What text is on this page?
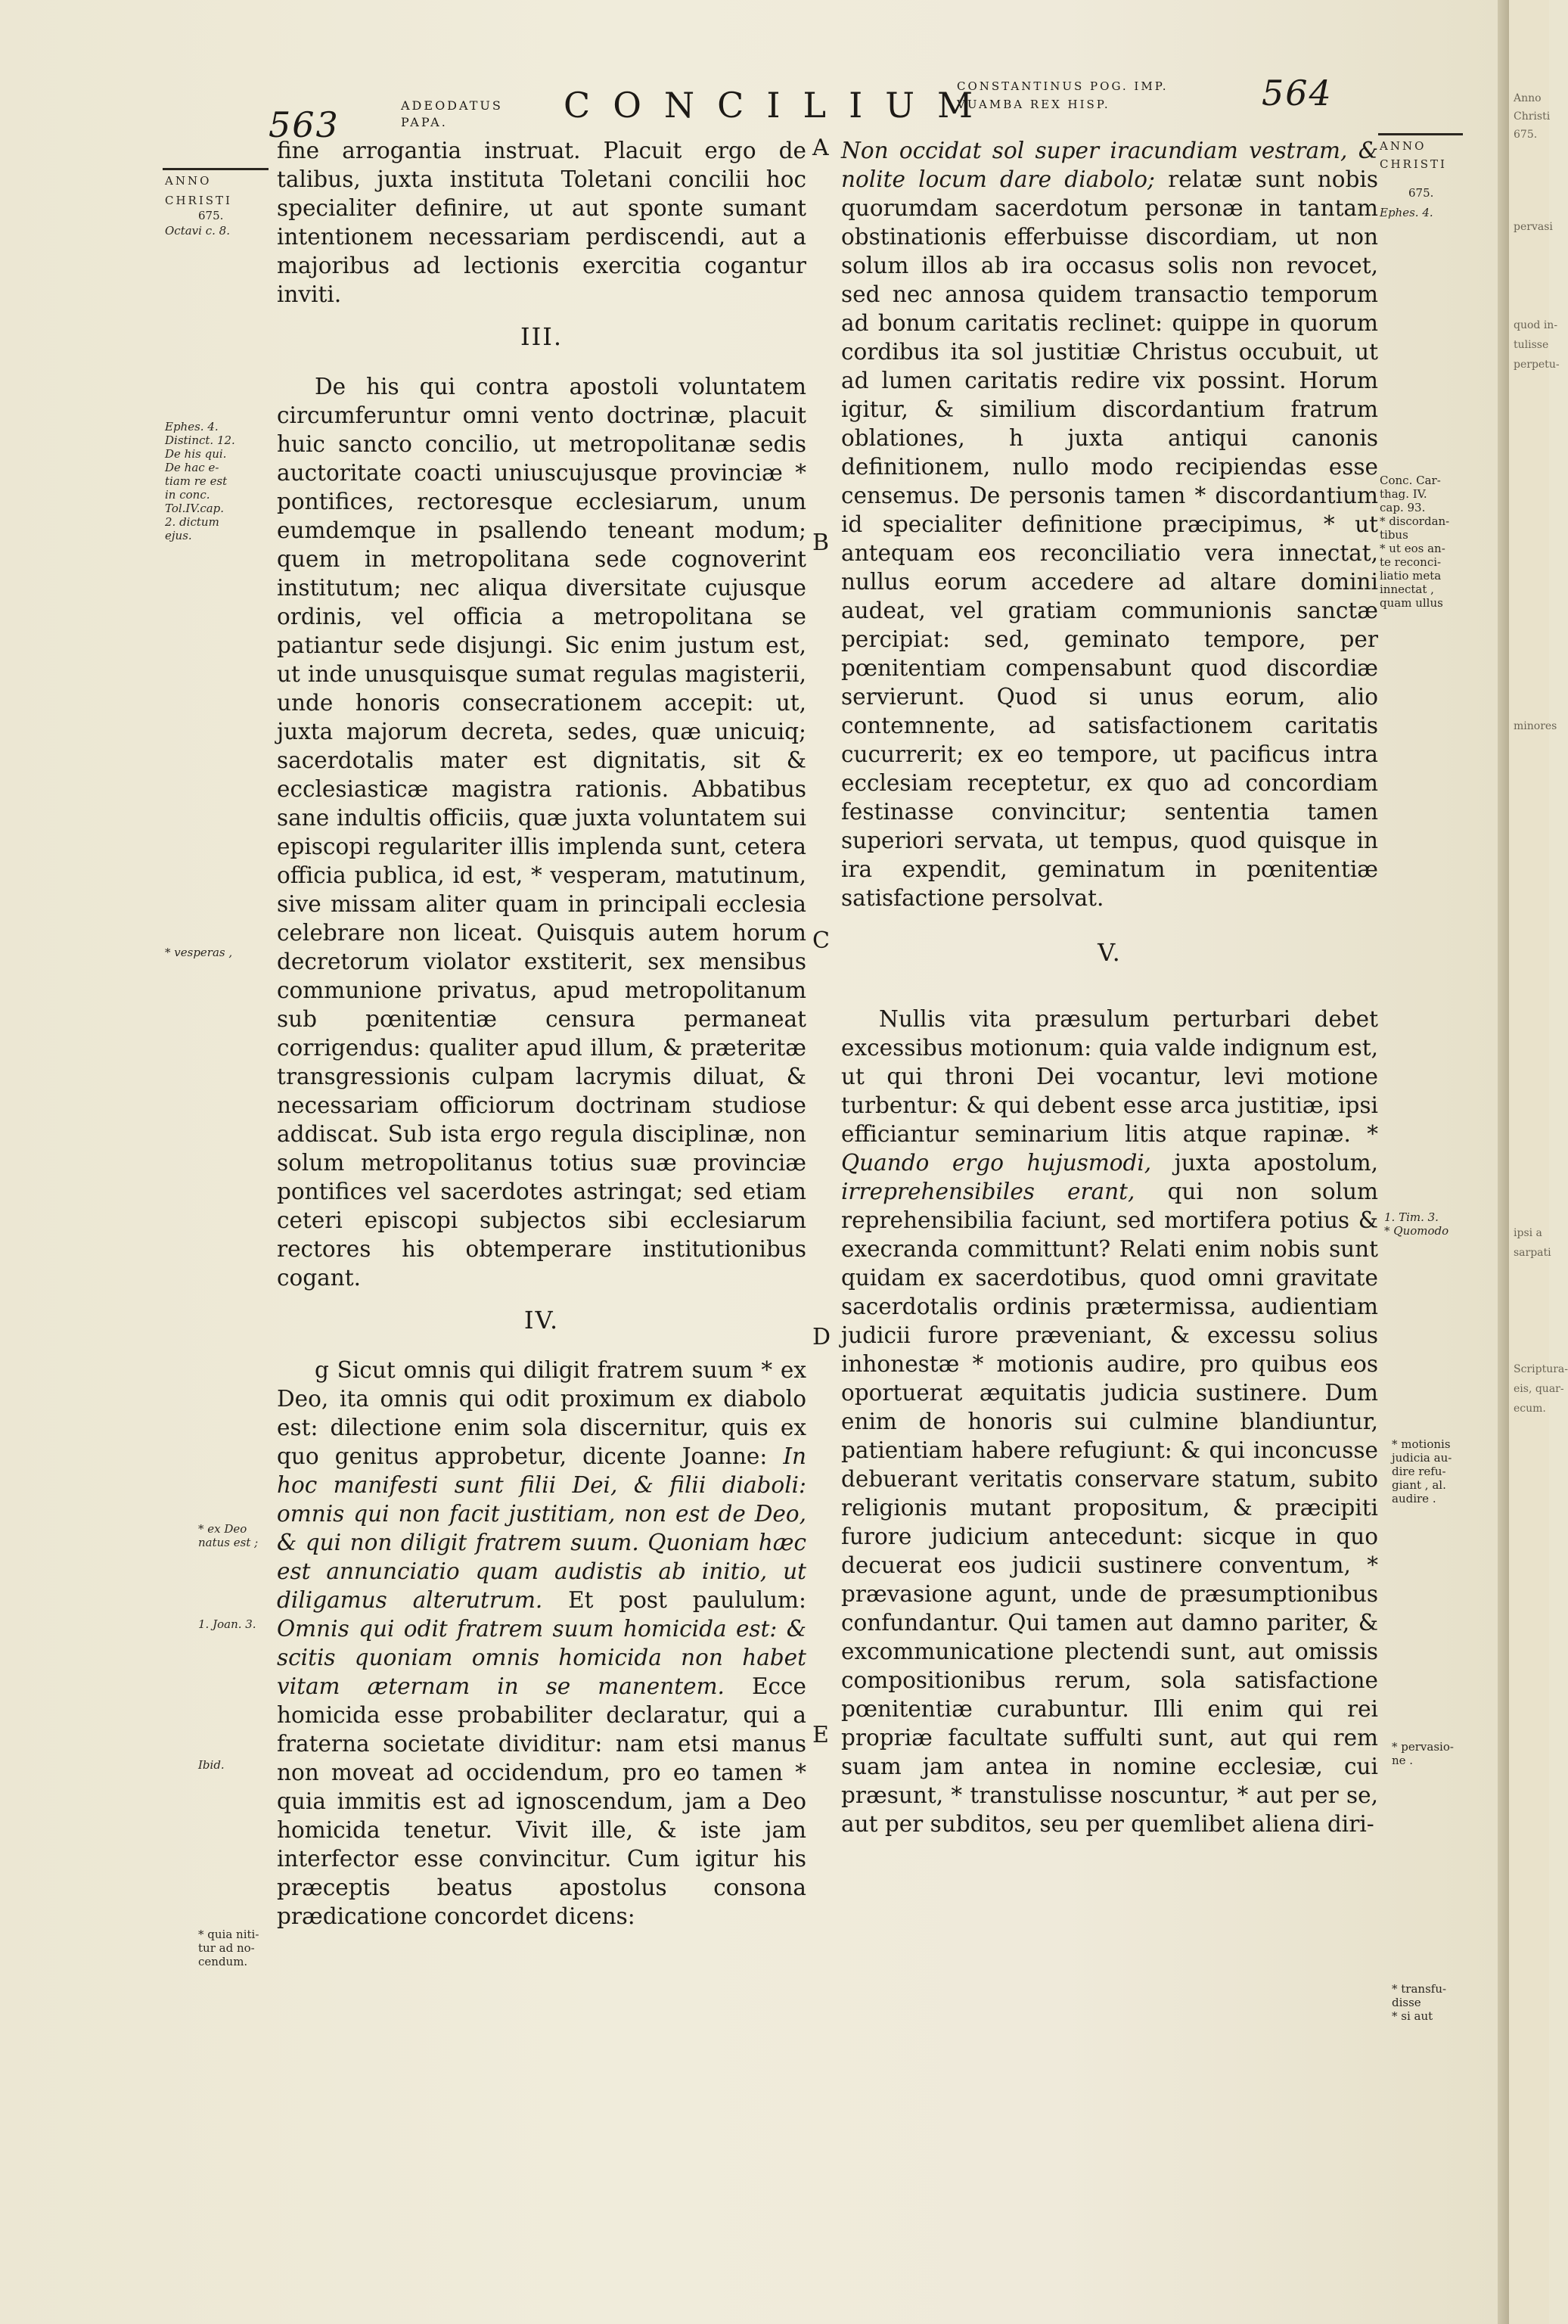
563	ADEODATUS
PAPA.	CONCILIUM
CONSTANTINUS POG. IMP.
VUAMBA REX HISP.	564
ANNO
CHRISTI
675.
Octavi c. 8.
Ephes. 4.
Distinct. 12.
De his qui.
De hac e-
tiam re est
in conc.
Tol.IV.cap.
2. dictum
ejus.
* vesperas ,
* ex Deo
natus est ;
1. Joan. 3.
Ibid.
* quia niti-
tur ad no-
cendum.
A
B
C
D
E

fine arrogantia instruat. Placuit ergo de talibus, juxta instituta Toletani concilii hoc specialiter definire, ut aut sponte sumant intentionem necessariam perdiscendi, aut a majoribus ad lectionis exercitia cogantur inviti.

III.

De his qui contra apostoli voluntatem circumferuntur omni vento doctrinæ, placuit huic sancto concilio, ut metropolitanæ sedis auctoritate coacti uniuscujusque provinciæ * pontifices, rectoresque ecclesiarum, unum eumdemque in psallendo teneant modum; quem in metropolitana sede cognoverint institutum; nec aliqua diversitate cujusque ordinis, vel officia a metropolitana se patiantur sede disjungi. Sic enim justum est, ut inde unusquisque sumat regulas magisterii, unde honoris consecrationem accepit: ut, juxta majorum decreta, sedes, quæ unicuiq; sacerdotalis mater est dignitatis, sit & ecclesiasticæ magistra rationis. Abbatibus sane indultis officiis, quæ juxta voluntatem sui episcopi regulariter illis implenda sunt, cetera officia publica, id est, * vesperam, matutinum, sive missam aliter quam in principali ecclesia celebrare non liceat. Quisquis autem horum decretorum violator exstiterit, sex mensibus communione privatus, apud metropolitanum sub pœnitentiæ censura permaneat corrigendus: qualiter apud illum, & præteritæ transgressionis culpam lacrymis diluat, & necessariam officiorum doctrinam studiose addiscat. Sub ista ergo regula disciplinæ, non solum metropolitanus totius suæ provinciæ pontifices vel sacerdotes astringat; sed etiam ceteri episcopi subjectos sibi ecclesiarum rectores his obtemperare institutionibus cogant.

IV.

g Sicut omnis qui diligit fratrem suum * ex Deo, ita omnis qui odit proximum ex diabolo est: dilectione enim sola discernitur, quis ex quo genitus approbetur, dicente Joanne: In hoc manifesti sunt filii Dei, & filii diaboli: omnis qui non facit justitiam, non est de Deo, & qui non diligit fratrem suum. Quoniam hæc est annunciatio quam audistis ab initio, ut diligamus alterutrum. Et post paululum: Omnis qui odit fratrem suum homicida est: & scitis quoniam omnis homicida non habet vitam æternam in se manentem. Ecce homicida esse probabiliter declaratur, qui a fraterna societate dividitur: nam etsi manus non moveat ad occidendum, pro eo tamen * quia immitis est ad ignoscendum, jam a Deo homicida tenetur. Vivit ille, & iste jam interfector esse convincitur. Cum igitur his præceptis beatus apostolus consona prædicatione concordet dicens:

Non occidat sol super iracundiam vestram, & nolite locum dare diabolo; relatæ sunt nobis quorumdam sacerdotum personæ in tantam obstinationis efferbuisse discordiam, ut non solum illos ab ira occasus solis non revocet, sed nec annosa quidem transactio temporum ad bonum caritatis reclinet: quippe in quorum cordibus ita sol justitiæ Christus occubuit, ut ad lumen caritatis redire vix possint. Horum igitur, & similium discordantium fratrum oblationes, h juxta antiqui canonis definitionem, nullo modo recipiendas esse censemus. De personis tamen * discordantium id specialiter definitione præcipimus, * ut antequam eos reconciliatio vera innectat, nullus eorum accedere ad altare domini audeat, vel gratiam communionis sanctæ percipiat: sed, geminato tempore, per pœnitentiam compensabunt quod discordiæ servierunt. Quod si unus eorum, alio contemnente, ad satisfactionem caritatis cucurrerit; ex eo tempore, ut pacificus intra ecclesiam receptetur, ex quo ad concordiam festinasse convincitur; sententia tamen superiori servata, ut tempus, quod quisque in ira expendit, geminatum in pœnitentiæ satisfactione persolvat.

V.

Nullis vita præsulum perturbari debet excessibus motionum: quia valde indignum est, ut qui throni Dei vocantur, levi motione turbentur: & qui debent esse arca justitiæ, ipsi efficiantur seminarium litis atque rapinæ. * Quando ergo hujusmodi, juxta apostolum, irreprehensibiles erant, qui non solum reprehensibilia faciunt, sed mortifera potius & execranda committunt? Relati enim nobis sunt quidam ex sacerdotibus, quod omni gravitate sacerdotalis ordinis prætermissa, audientiam judicii furore præveniant, & excessu solius inhonestæ * motionis audire, pro quibus eos oportuerat æquitatis judicia sustinere. Dum enim de honoris sui culmine blandiuntur, patientiam habere refugiunt: & qui inconcusse debuerant veritatis conservare statum, subito religionis mutant propositum, & præcipiti furore judicium antecedunt: sicque in quo decuerat eos judicii sustinere conventum, * prævasione agunt, unde de præsumptionibus confundantur. Qui tamen aut damno pariter, & excommunicatione plectendi sunt, aut omissis compositionibus rerum, sola satisfactione pœnitentiæ curabuntur. Illi enim qui rei propriæ facultate suffulti sunt, aut qui rem suam jam antea in nomine ecclesiæ, cui præsunt, * transtulisse noscuntur, * aut per se, aut per subditos, seu per quemlibet aliena diri-

ANNO
CHRISTI
675.
Ephes. 4.
Conc. Car-
thag. IV.
cap. 93.
* discordan-
tibus
* ut eos an-
te reconci-
liatio meta
innectat ,
quam ullus
1. Tim. 3.
* Quomodo
* motionis
judicia au-
dire refu-
giant , al.
audire .
* pervasio-
ne .
* transfu-
disse
* si aut
Anno
Christi
675.
pervasi
quod in-
tulisse
perpetu-
minores
ipsi a
sarpati
Scriptura-
eis, quar-
ecum.
